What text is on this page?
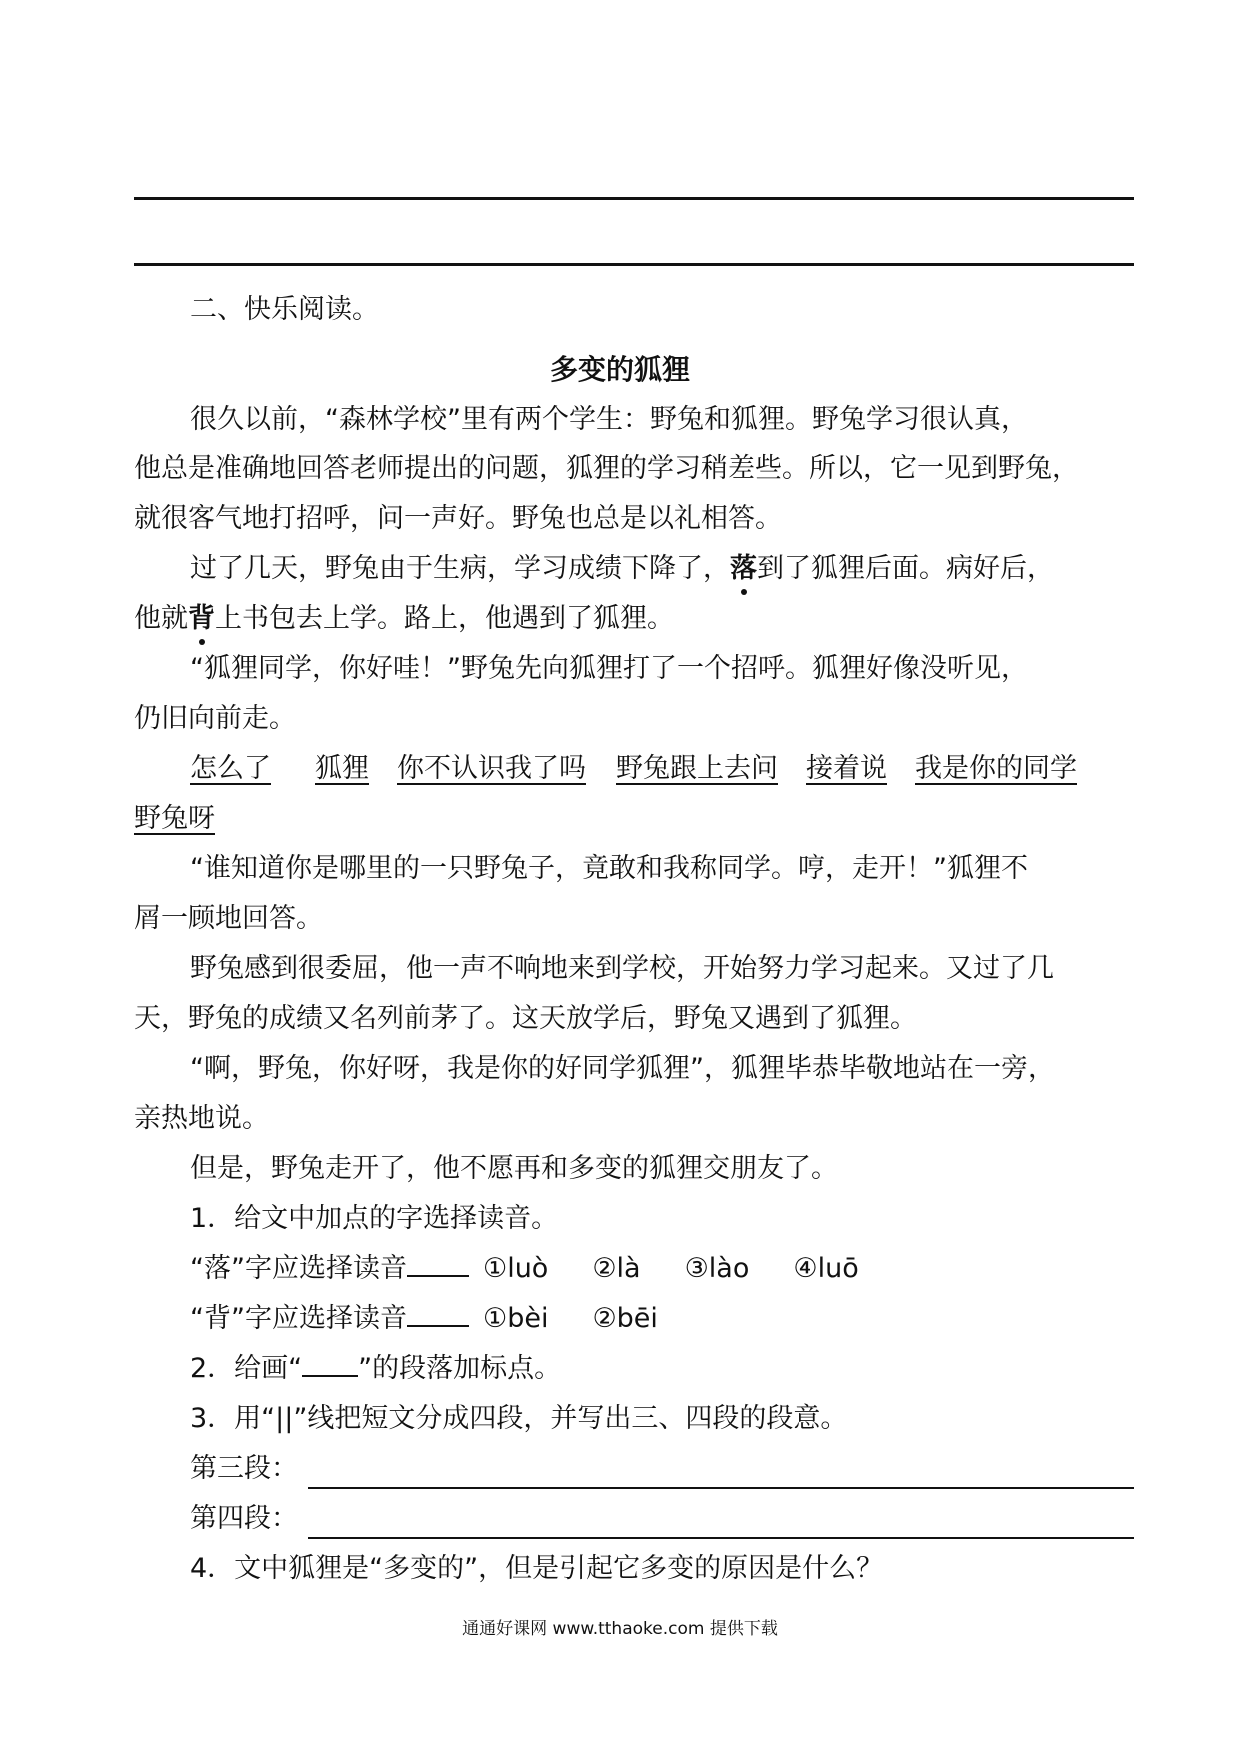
二、快乐阅读。
多变的狐狸
很久以前，“森林学校”里有两个学生：野兔和狐狸。野兔学习很认真，
他总是准确地回答老师提出的问题，狐狸的学习稍差些。所以，它一见到野兔，
就很客气地打招呼，问一声好。野兔也总是以礼相答。
过了几天，野兔由于生病，学习成绩下降了，落到了狐狸后面。病好后，
他就背上书包去上学。路上，他遇到了狐狸。
“狐狸同学，你好哇！”野兔先向狐狸打了一个招呼。狐狸好像没听见，
仍旧向前走。
怎么了 狐狸 你不认识我了吗 野兔跟上去问 接着说 我是你的同学
野兔呀
“谁知道你是哪里的一只野兔子，竟敢和我称同学。哼，走开！”狐狸不
屑一顾地回答。
野兔感到很委屈，他一声不响地来到学校，开始努力学习起来。又过了几
天，野兔的成绩又名列前茅了。这天放学后，野兔又遇到了狐狸。
“啊，野兔，你好呀，我是你的好同学狐狸”，狐狸毕恭毕敬地站在一旁，
亲热地说。
但是，野兔走开了，他不愿再和多变的狐狸交朋友了。
1．给文中加点的字选择读音。
“落”字应选择读音	①luò ②là ③lào ④luō
“背”字应选择读音	①bèi ②bēi
2．给画“ ”的段落加标点。
3．用“||”线把短文分成四段，并写出三、四段的段意。
第三段：
第四段：
4．文中狐狸是“多变的”，但是引起它多变的原因是什么？
通通好课网 www.tthaoke.com 提供下载
